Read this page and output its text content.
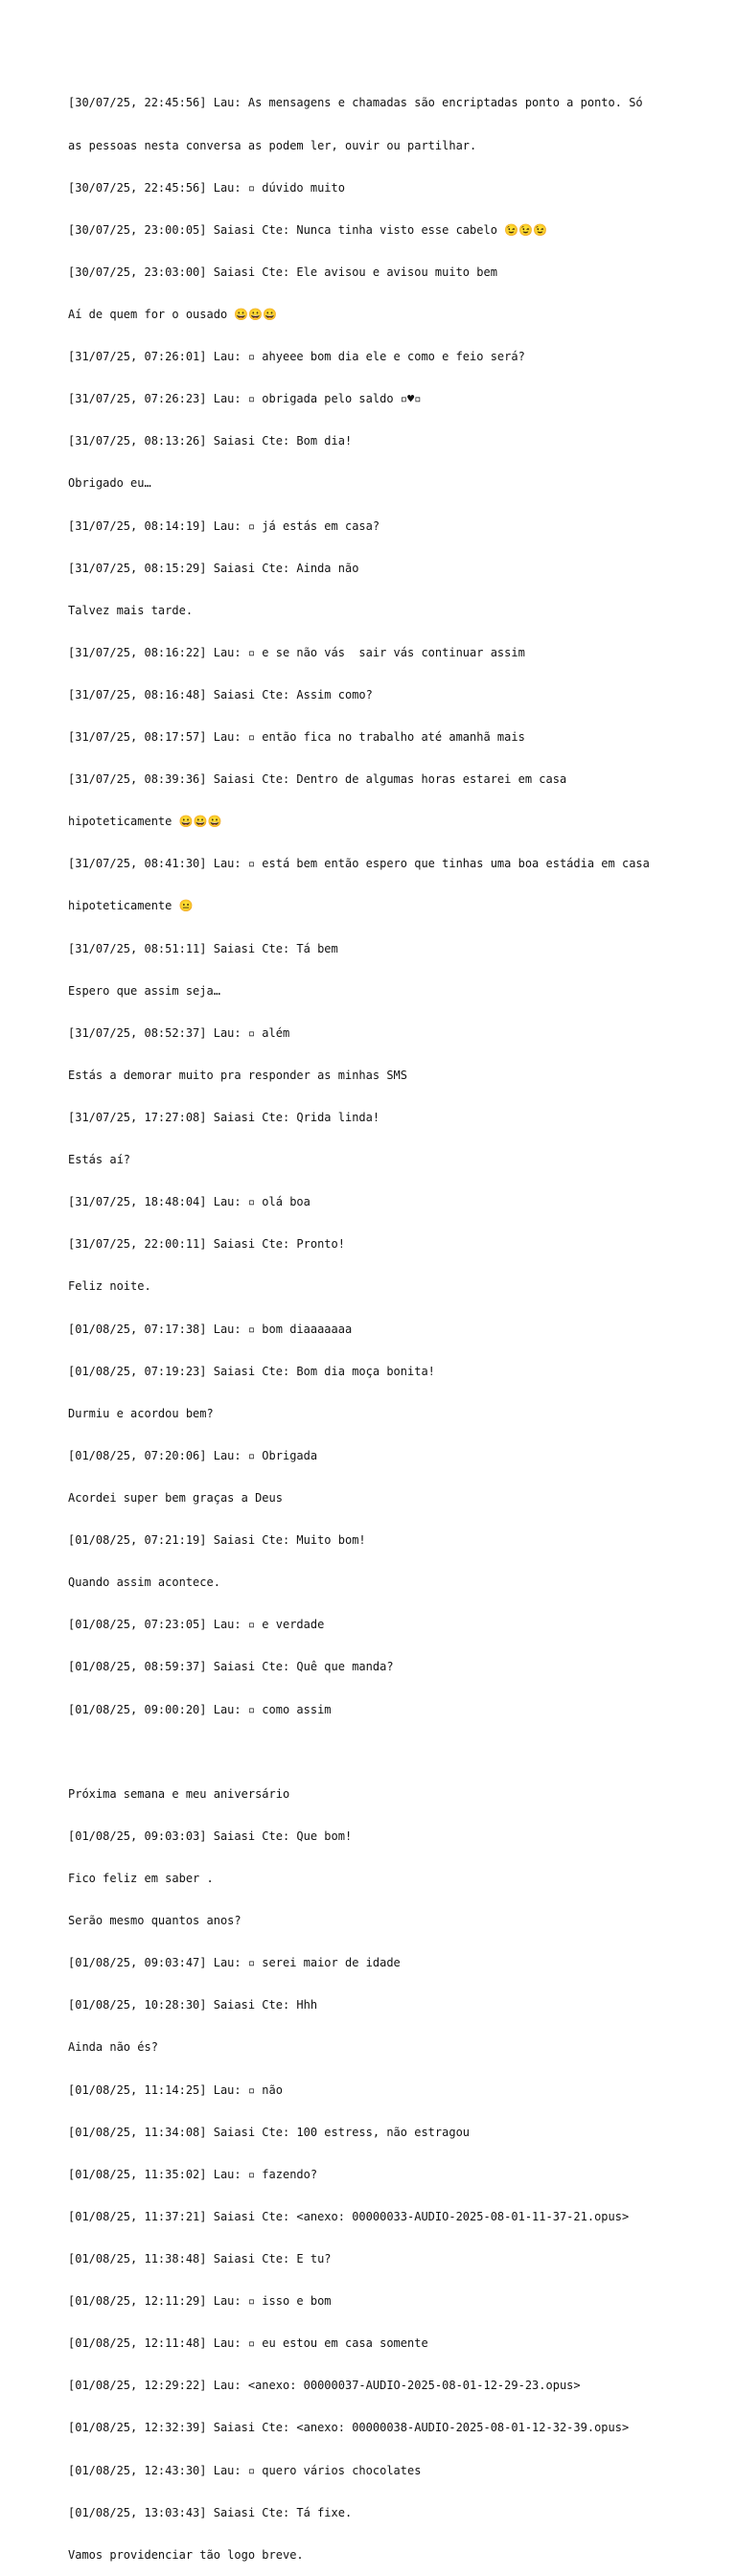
[30/07/25, 22:45:56] Lau: As mensagens e chamadas são encriptadas ponto a ponto. Só

as pessoas nesta conversa as podem ler, ouvir ou partilhar.

[30/07/25, 22:45:56] Lau: ▫ dúvido muito

[30/07/25, 23:00:05] Saiasi Cte: Nunca tinha visto esse cabelo 😉😉😉

[30/07/25, 23:03:00] Saiasi Cte: Ele avisou e avisou muito bem

Aí de quem for o ousado 😀😀😀

[31/07/25, 07:26:01] Lau: ▫ ahyeee bom dia ele e como e feio será?

[31/07/25, 07:26:23] Lau: ▫ obrigada pelo saldo ▫♥▫

[31/07/25, 08:13:26] Saiasi Cte: Bom dia!

Obrigado eu…

[31/07/25, 08:14:19] Lau: ▫ já estás em casa?

[31/07/25, 08:15:29] Saiasi Cte: Ainda não

Talvez mais tarde.

[31/07/25, 08:16:22] Lau: ▫ e se não vás  sair vás continuar assim

[31/07/25, 08:16:48] Saiasi Cte: Assim como?

[31/07/25, 08:17:57] Lau: ▫ então fica no trabalho até amanhã mais

[31/07/25, 08:39:36] Saiasi Cte: Dentro de algumas horas estarei em casa

hipoteticamente 😀😀😀

[31/07/25, 08:41:30] Lau: ▫ está bem então espero que tinhas uma boa estádia em casa

hipoteticamente 😐

[31/07/25, 08:51:11] Saiasi Cte: Tá bem

Espero que assim seja…

[31/07/25, 08:52:37] Lau: ▫ além

Estás a demorar muito pra responder as minhas SMS

[31/07/25, 17:27:08] Saiasi Cte: Qrida linda!

Estás aí?

[31/07/25, 18:48:04] Lau: ▫ olá boa

[31/07/25, 22:00:11] Saiasi Cte: Pronto!

Feliz noite.

[01/08/25, 07:17:38] Lau: ▫ bom diaaaaaaa

[01/08/25, 07:19:23] Saiasi Cte: Bom dia moça bonita!

Durmiu e acordou bem?

[01/08/25, 07:20:06] Lau: ▫ Obrigada

Acordei super bem graças a Deus

[01/08/25, 07:21:19] Saiasi Cte: Muito bom!

Quando assim acontece.

[01/08/25, 07:23:05] Lau: ▫ e verdade

[01/08/25, 08:59:37] Saiasi Cte: Quê que manda?

[01/08/25, 09:00:20] Lau: ▫ como assim

Próxima semana e meu aniversário

[01/08/25, 09:03:03] Saiasi Cte: Que bom!

Fico feliz em saber .

Serão mesmo quantos anos?

[01/08/25, 09:03:47] Lau: ▫ serei maior de idade

[01/08/25, 10:28:30] Saiasi Cte: Hhh

Ainda não és?

[01/08/25, 11:14:25] Lau: ▫ não

[01/08/25, 11:34:08] Saiasi Cte: 100 estress, não estragou

[01/08/25, 11:35:02] Lau: ▫ fazendo?

[01/08/25, 11:37:21] Saiasi Cte: <anexo: 00000033-AUDIO-2025-08-01-11-37-21.opus>

[01/08/25, 11:38:48] Saiasi Cte: E tu?

[01/08/25, 12:11:29] Lau: ▫ isso e bom

[01/08/25, 12:11:48] Lau: ▫ eu estou em casa somente

[01/08/25, 12:29:22] Lau: <anexo: 00000037-AUDIO-2025-08-01-12-29-23.opus>

[01/08/25, 12:32:39] Saiasi Cte: <anexo: 00000038-AUDIO-2025-08-01-12-32-39.opus>

[01/08/25, 12:43:30] Lau: ▫ quero vários chocolates

[01/08/25, 13:03:43] Saiasi Cte: Tá fixe.

Vamos providenciar tão logo breve.
